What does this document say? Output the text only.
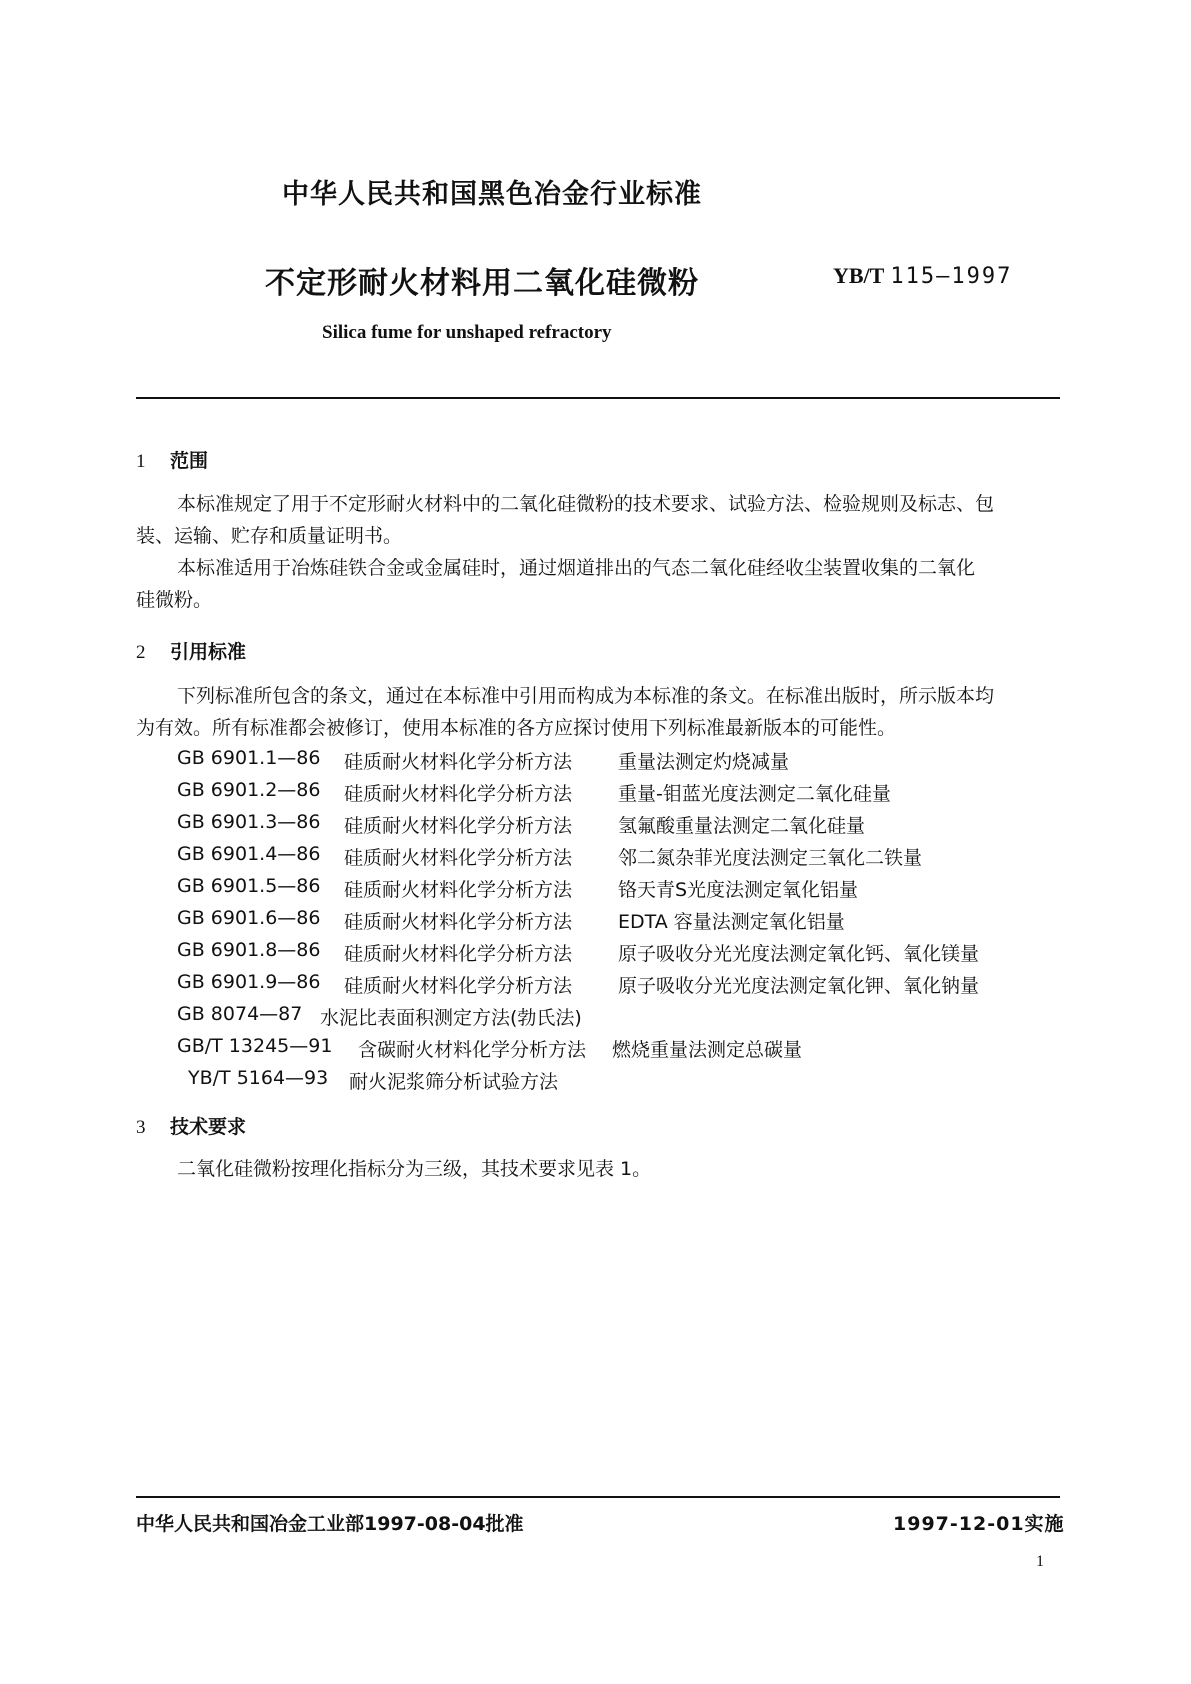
中华人民共和国黑色冶金行业标准
不定形耐火材料用二氧化硅微粉	YB/T 115—1997
Silica fume for unshaped refractory
1 范围
本标准规定了用于不定形耐火材料中的二氧化硅微粉的技术要求、试验方法、检验规则及标志、包
装、运输、贮存和质量证明书。
本标准适用于冶炼硅铁合金或金属硅时，通过烟道排出的气态二氧化硅经收尘装置收集的二氧化
硅微粉。
2 引用标准
下列标准所包含的条文，通过在本标准中引用而构成为本标准的条文。在标准出版时，所示版本均
为有效。所有标准都会被修订，使用本标准的各方应探讨使用下列标准最新版本的可能性。
GB 6901.1—86 硅质耐火材料化学分析方法 重量法测定灼烧减量
GB 6901.2—86 硅质耐火材料化学分析方法 重量-钼蓝光度法测定二氧化硅量
GB 6901.3—86 硅质耐火材料化学分析方法 氢氟酸重量法测定二氧化硅量
GB 6901.4—86 硅质耐火材料化学分析方法 邻二氮杂菲光度法测定三氧化二铁量
GB 6901.5—86 硅质耐火材料化学分析方法 铬天青S光度法测定氧化铝量
GB 6901.6—86 硅质耐火材料化学分析方法 EDTA 容量法测定氧化铝量
GB 6901.8—86 硅质耐火材料化学分析方法 原子吸收分光光度法测定氧化钙、氧化镁量
GB 6901.9—86 硅质耐火材料化学分析方法 原子吸收分光光度法测定氧化钾、氧化钠量
GB 8074—87 水泥比表面积测定方法(勃氏法)
GB/T 13245—91 含碳耐火材料化学分析方法 燃烧重量法测定总碳量
YB/T 5164—93 耐火泥浆筛分析试验方法
3 技术要求
二氧化硅微粉按理化指标分为三级，其技术要求见表 1。
中华人民共和国冶金工业部1997-08-04批准	1997-12-01实施
1
